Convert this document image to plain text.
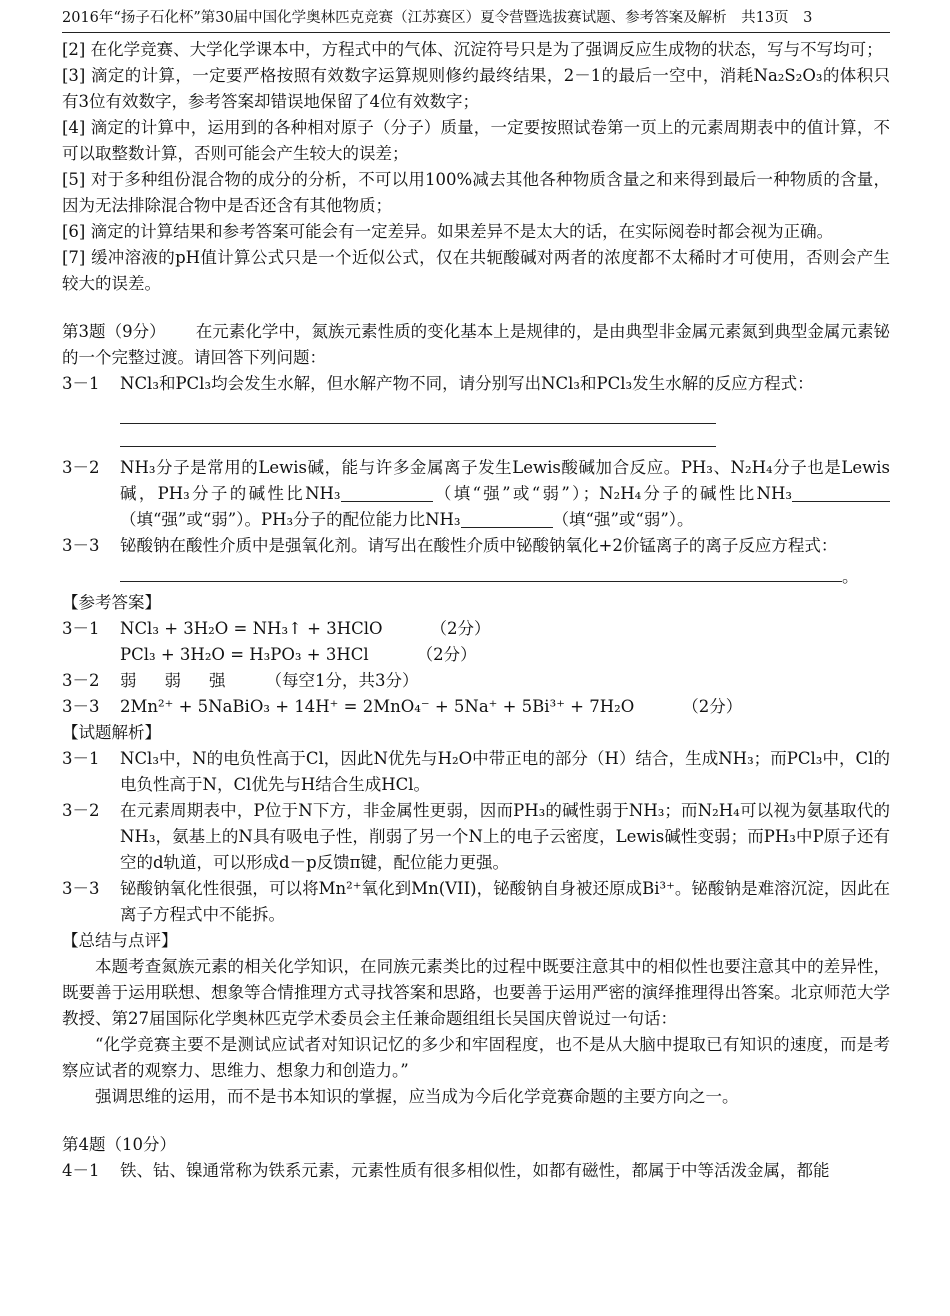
2016年“扬子石化杯”第30届中国化学奥林匹克竞赛（江苏赛区）夏令营暨选拔赛试题、参考答案及解析　共13页　3

[2] 在化学竞赛、大学化学课本中，方程式中的气体、沉淀符号只是为了强调反应生成物的状态，写与不写均可；

[3] 滴定的计算，一定要严格按照有效数字运算规则修约最终结果，2－1的最后一空中，消耗Na₂S₂O₃的体积只有3位有效数字，参考答案却错误地保留了4位有效数字；

[4] 滴定的计算中，运用到的各种相对原子（分子）质量，一定要按照试卷第一页上的元素周期表中的值计算，不可以取整数计算，否则可能会产生较大的误差；

[5] 对于多种组份混合物的成分的分析，不可以用100%减去其他各种物质含量之和来得到最后一种物质的含量，因为无法排除混合物中是否还含有其他物质；

[6] 滴定的计算结果和参考答案可能会有一定差异。如果差异不是太大的话，在实际阅卷时都会视为正确。

[7] 缓冲溶液的pH值计算公式只是一个近似公式，仅在共轭酸碱对两者的浓度都不太稀时才可使用，否则会产生较大的误差。

第3题（9分） 在元素化学中，氮族元素性质的变化基本上是规律的，是由典型非金属元素氮到典型金属元素铋的一个完整过渡。请回答下列问题：

3－1	NCl₃和PCl₃均会发生水解，但水解产物不同，请分别写出NCl₃和PCl₃发生水解的反应方程式：
3－2	NH₃分子是常用的Lewis碱，能与许多金属离子发生Lewis酸碱加合反应。PH₃、N₂H₄分子也是Lewis碱，PH₃分子的碱性比NH₃	（填“强”或“弱”）；N₂H₄分子的碱性比NH₃（填“强”或“弱”）。PH₃分子的配位能力比NH₃	（填“强”或“弱”）。
3－3	铋酸钠在酸性介质中是强氧化剂。请写出在酸性介质中铋酸钠氧化+2价锰离子的离子反应方程式：
。

【参考答案】

3－1	NCl₃ + 3H₂O = NH₃↑ + 3HClO	（2分）
PCl₃ + 3H₂O = H₃PO₃ + 3HCl	（2分）
3－2	弱 弱 强 （每空1分，共3分）
3－3	2Mn²⁺ + 5NaBiO₃ + 14H⁺ = 2MnO₄⁻ + 5Na⁺ + 5Bi³⁺ + 7H₂O	（2分）

【试题解析】

3－1	NCl₃中，N的电负性高于Cl，因此N优先与H₂O中带正电的部分（H）结合，生成NH₃；而PCl₃中，Cl的电负性高于N，Cl优先与H结合生成HCl。
3－2	在元素周期表中，P位于N下方，非金属性更弱，因而PH₃的碱性弱于NH₃；而N₂H₄可以视为氨基取代的NH₃，氨基上的N具有吸电子性，削弱了另一个N上的电子云密度，Lewis碱性变弱；而PH₃中P原子还有空的d轨道，可以形成d－p反馈π键，配位能力更强。
3－3	铋酸钠氧化性很强，可以将Mn²⁺氧化到Mn(VII)，铋酸钠自身被还原成Bi³⁺。铋酸钠是难溶沉淀，因此在离子方程式中不能拆。

【总结与点评】

本题考查氮族元素的相关化学知识，在同族元素类比的过程中既要注意其中的相似性也要注意其中的差异性，既要善于运用联想、想象等合情推理方式寻找答案和思路，也要善于运用严密的演绎推理得出答案。北京师范大学教授、第27届国际化学奥林匹克学术委员会主任兼命题组组长吴国庆曾说过一句话：

“化学竞赛主要不是测试应试者对知识记忆的多少和牢固程度，也不是从大脑中提取已有知识的速度，而是考察应试者的观察力、思维力、想象力和创造力。”

强调思维的运用，而不是书本知识的掌握，应当成为今后化学竞赛命题的主要方向之一。

第4题（10分）

4－1	铁、钴、镍通常称为铁系元素，元素性质有很多相似性，如都有磁性，都属于中等活泼金属，都能
